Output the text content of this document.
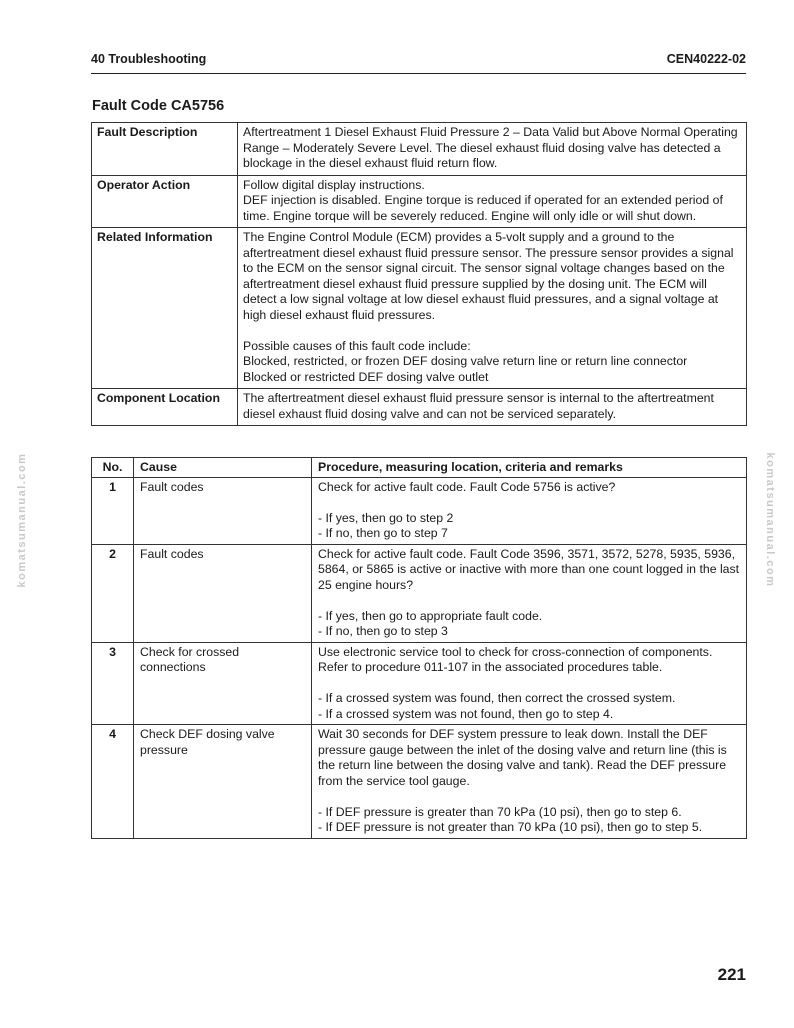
40 Troubleshooting	CEN40222-02
Fault Code CA5756
Fault Description	Aftertreatment 1 Diesel Exhaust Fluid Pressure 2 – Data Valid but Above Normal Operating Range – Moderately Severe Level. The diesel exhaust fluid dosing valve has detected a blockage in the diesel exhaust fluid return flow.

Operator Action	Follow digital display instructions.
DEF injection is disabled. Engine torque is reduced if operated for an extended period of time. Engine torque will be severely reduced. Engine will only idle or will shut down.

Related Information	The Engine Control Module (ECM) provides a 5-volt supply and a ground to the aftertreatment diesel exhaust fluid pressure sensor. The pressure sensor provides a signal to the ECM on the sensor signal circuit. The sensor signal voltage changes based on the aftertreatment diesel exhaust fluid pressure supplied by the dosing unit. The ECM will detect a low signal voltage at low diesel exhaust fluid pressures, and a signal voltage at high diesel exhaust fluid pressures.
Possible causes of this fault code include:
Blocked, restricted, or frozen DEF dosing valve return line or return line connector
Blocked or restricted DEF dosing valve outlet

Component Location	The aftertreatment diesel exhaust fluid pressure sensor is internal to the aftertreatment diesel exhaust fluid dosing valve and can not be serviced separately.
No.	Cause	Procedure, measuring location, criteria and remarks
1	Fault codes	Check for active fault code. Fault Code 5756 is active?
- If yes, then go to step 2
- If no, then go to step 7

2	Fault codes	Check for active fault code. Fault Code 3596, 3571, 3572, 5278, 5935, 5936, 5864, or 5865 is active or inactive with more than one count logged in the last 25 engine hours?
- If yes, then go to appropriate fault code.
- If no, then go to step 3

3	Check for crossed connections	Use electronic service tool to check for cross-connection of components. Refer to procedure 011-107 in the associated procedures table.
- If a crossed system was found, then correct the crossed system.
- If a crossed system was not found, then go to step 4.

4	Check DEF dosing valve pressure	Wait 30 seconds for DEF system pressure to leak down. Install the DEF pressure gauge between the inlet of the dosing valve and return line (this is the return line between the dosing valve and tank). Read the DEF pressure from the service tool gauge.
- If DEF pressure is greater than 70 kPa (10 psi), then go to step 6.
- If DEF pressure is not greater than 70 kPa (10 psi), then go to step 5.
komatsumanual.com	komatsumanual.com
221
